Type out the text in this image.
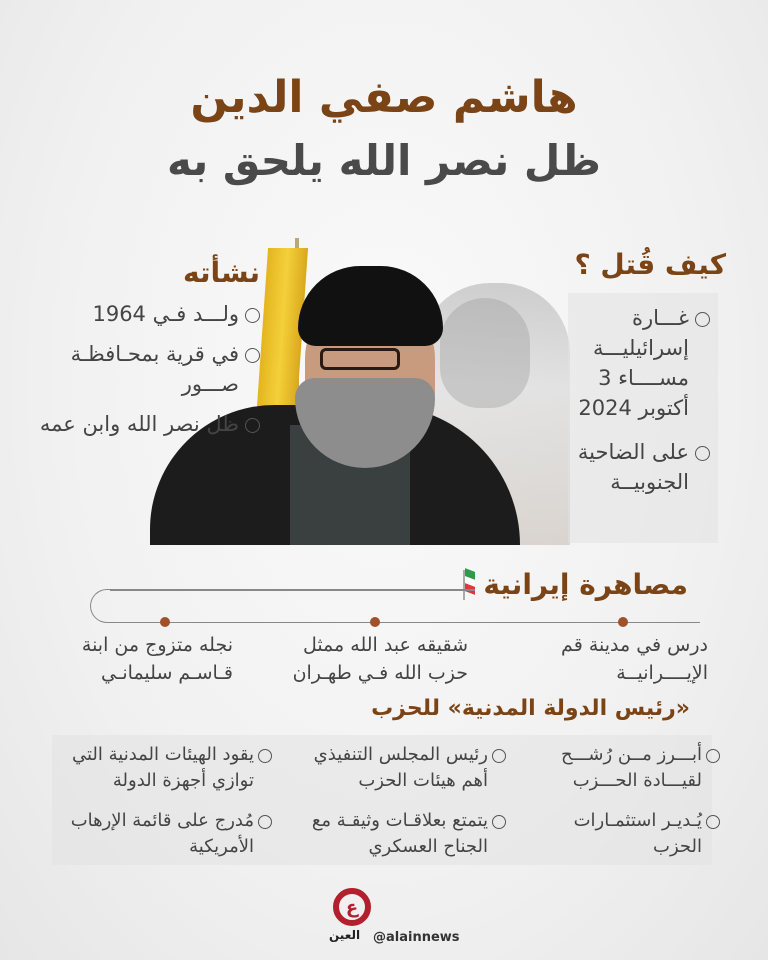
هاشم صفي الدين
ظل نصر الله يلحق به
نشأته
ولـــد فـي 1964
في قرية بمحـافظـة صـــور
ظل نصر الله وابن عمه
كيف قُتل ؟
غـــارة إسرائيليـــة مســــاء 3 أكتوبر 2024
على الضاحية الجنوبيــة
مصاهرة إيرانية
درس في مدينة قم الإيــــرانيــة
شقيقه عبد الله ممثل حزب الله فـي طهـران
نجله متزوج من ابنة قـاسـم سليمانـي
«رئيس الدولة المدنية» للحزب
أبـــرز مــن رُشـــح لقيـــادة الحـــزب
رئيس المجلس التنفيذي أهم هيئات الحزب
يقود الهيئات المدنية التي توازي أجهزة الدولة
يُـديـر استثمـارات الحزب
يتمتع بعلاقـات وثيقـة مع الجناح العسكري
مُدرج على قائمة الإرهاب الأمريكية
ع
العين @alainnews
